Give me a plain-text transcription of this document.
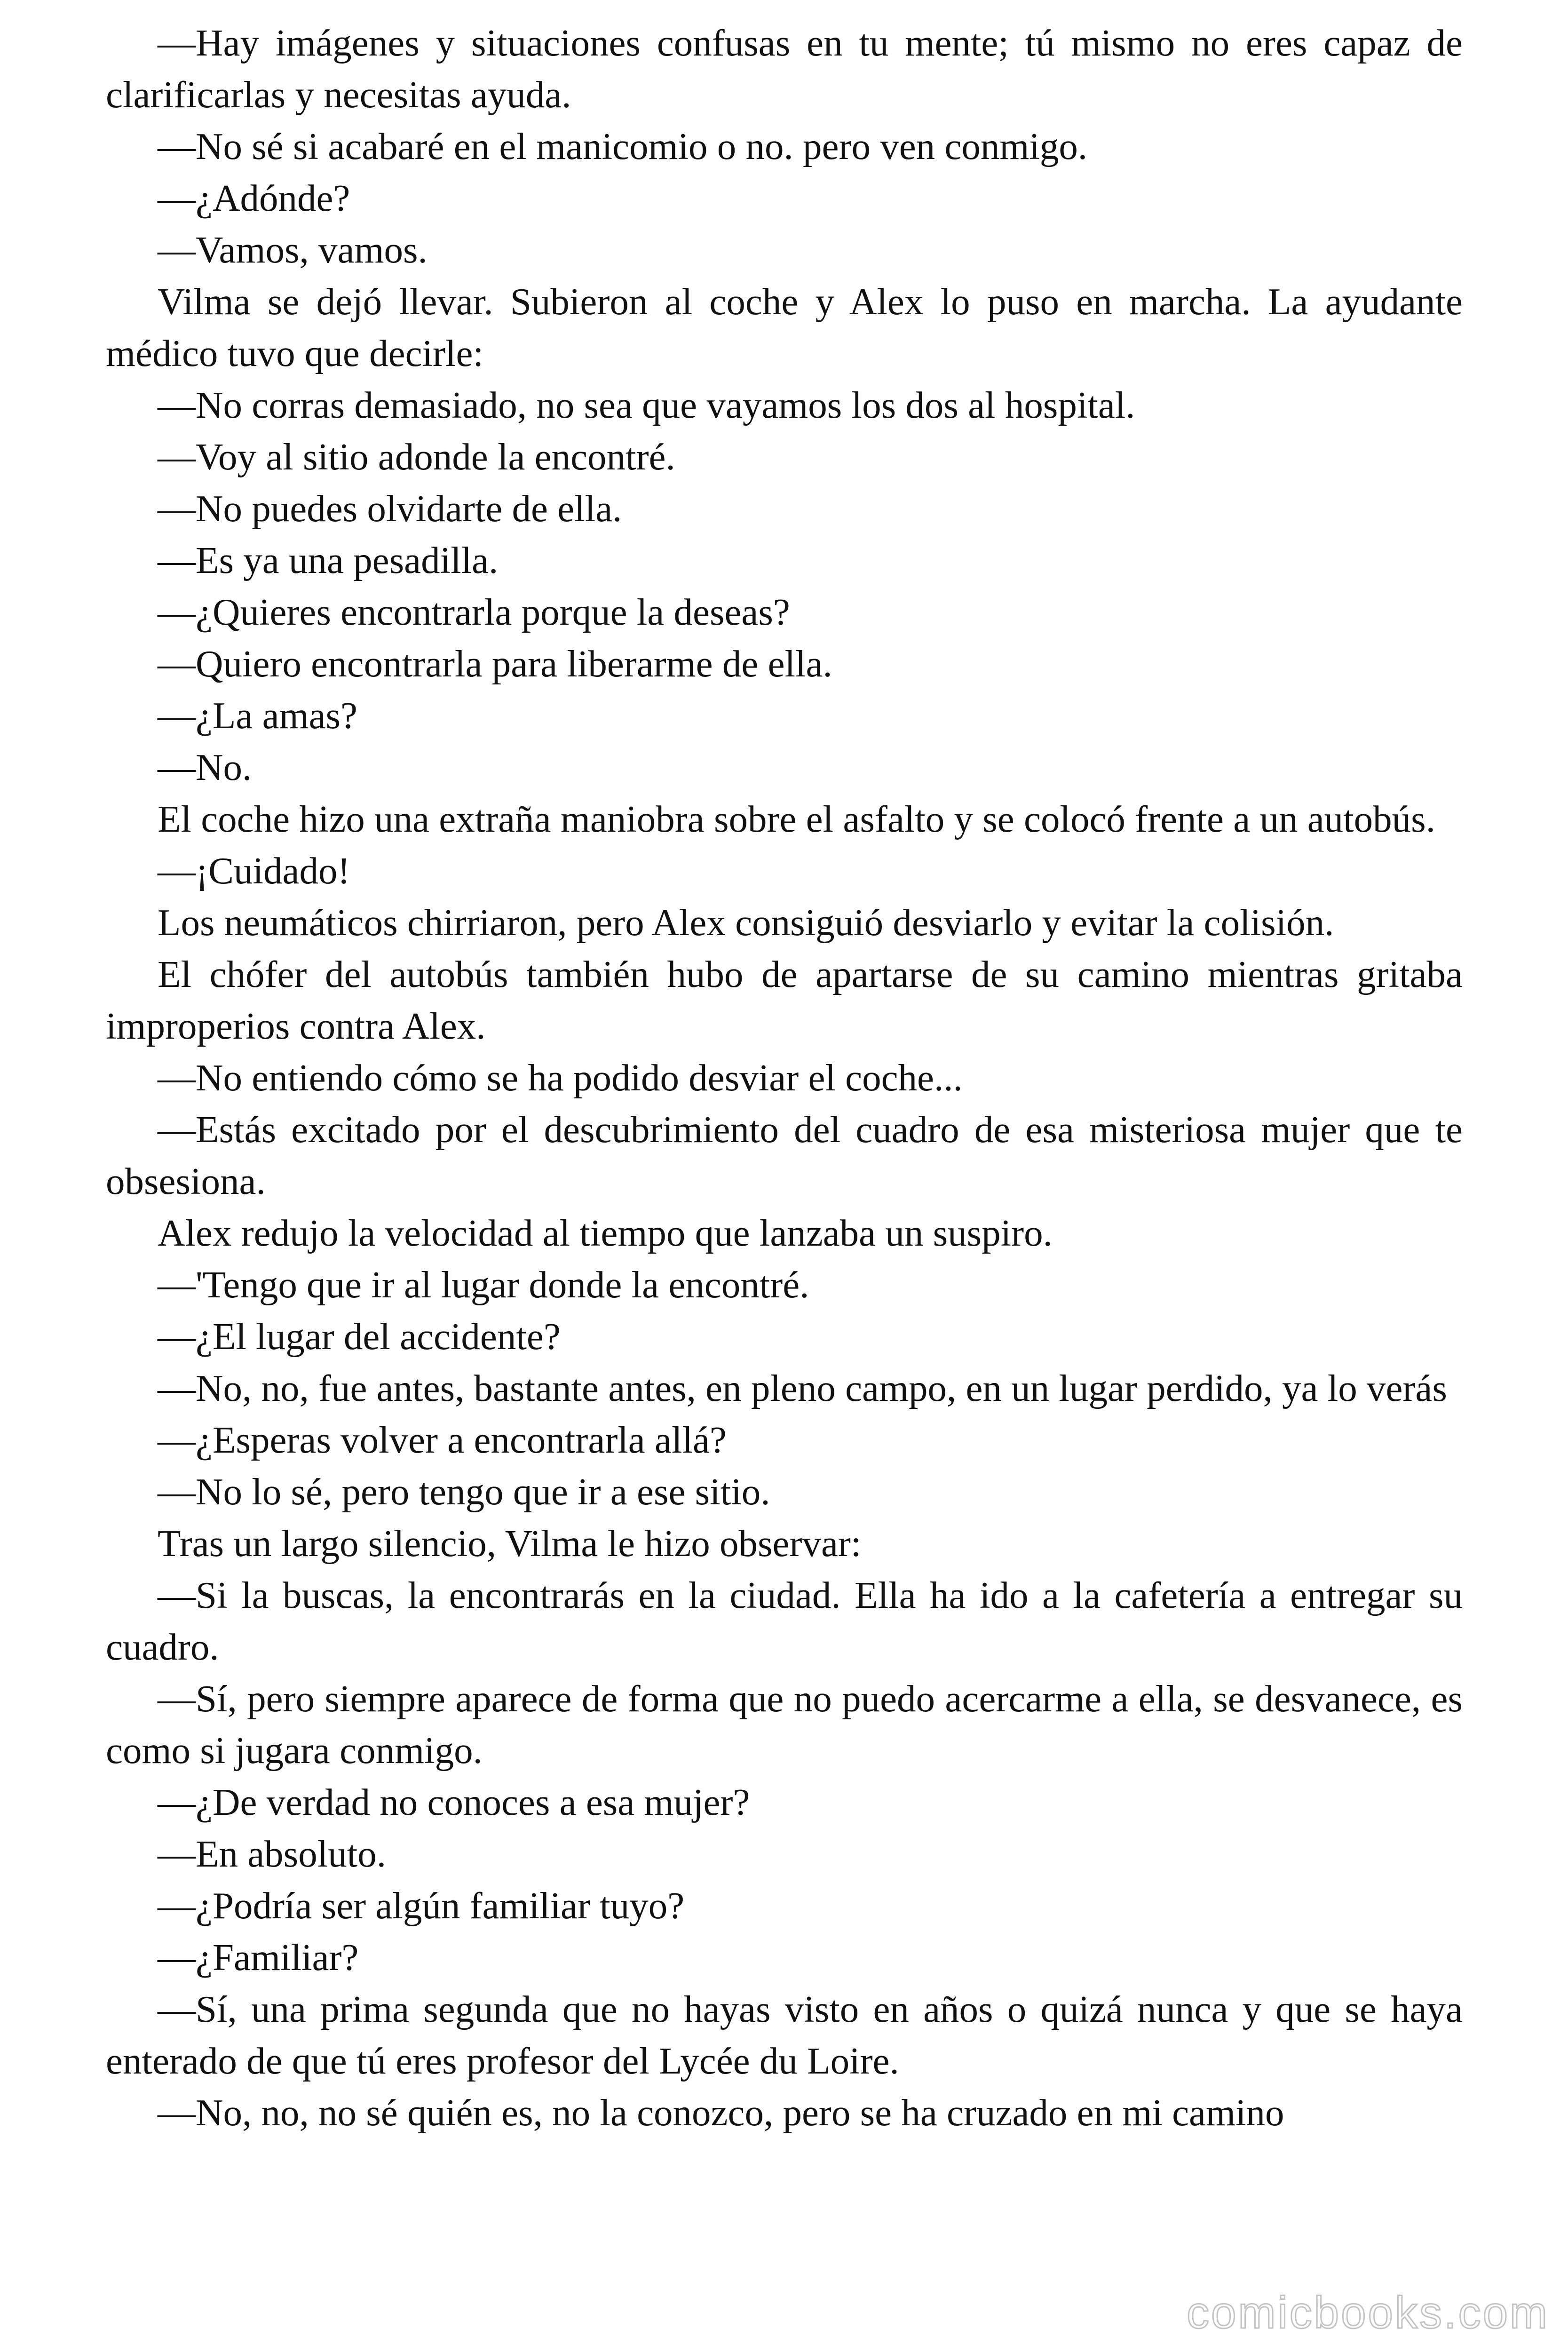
—Hay imágenes y situaciones confusas en tu mente; tú mismo no eres capaz de clarificarlas y necesitas ayuda.

—No sé si acabaré en el manicomio o no. pero ven conmigo.

—¿Adónde?

—Vamos, vamos.

Vilma se dejó llevar. Subieron al coche y Alex lo puso en marcha. La ayudante médico tuvo que decirle:

—No corras demasiado, no sea que vayamos los dos al hospital.

—Voy al sitio adonde la encontré.

—No puedes olvidarte de ella.

—Es ya una pesadilla.

—¿Quieres encontrarla porque la deseas?

—Quiero encontrarla para liberarme de ella.

—¿La amas?

—No.

El coche hizo una extraña maniobra sobre el asfalto y se colocó frente a un autobús.

—¡Cuidado!

Los neumáticos chirriaron, pero Alex consiguió desviarlo y evitar la colisión.

El chófer del autobús también hubo de apartarse de su camino mientras gritaba improperios contra Alex.

—No entiendo cómo se ha podido desviar el coche...

—Estás excitado por el descubrimiento del cuadro de esa misteriosa mujer que te obsesiona.

Alex redujo la velocidad al tiempo que lanzaba un suspiro.

—'Tengo que ir al lugar donde la encontré.

—¿El lugar del accidente?

—No, no, fue antes, bastante antes, en pleno campo, en un lugar perdido, ya lo verás

—¿Esperas volver a encontrarla allá?

—No lo sé, pero tengo que ir a ese sitio.

Tras un largo silencio, Vilma le hizo observar:

—Si la buscas, la encontrarás en la ciudad. Ella ha ido a la cafetería a entregar su cuadro.

—Sí, pero siempre aparece de forma que no puedo acercarme a ella, se desvanece, es como si jugara conmigo.

—¿De verdad no conoces a esa mujer?

—En absoluto.

—¿Podría ser algún familiar tuyo?

—¿Familiar?

—Sí, una prima segunda que no hayas visto en años o quizá nunca y que se haya enterado de que tú eres profesor del Lycée du Loire.

—No, no, no sé quién es, no la conozco, pero se ha cruzado en mi camino

comicbooks.com
